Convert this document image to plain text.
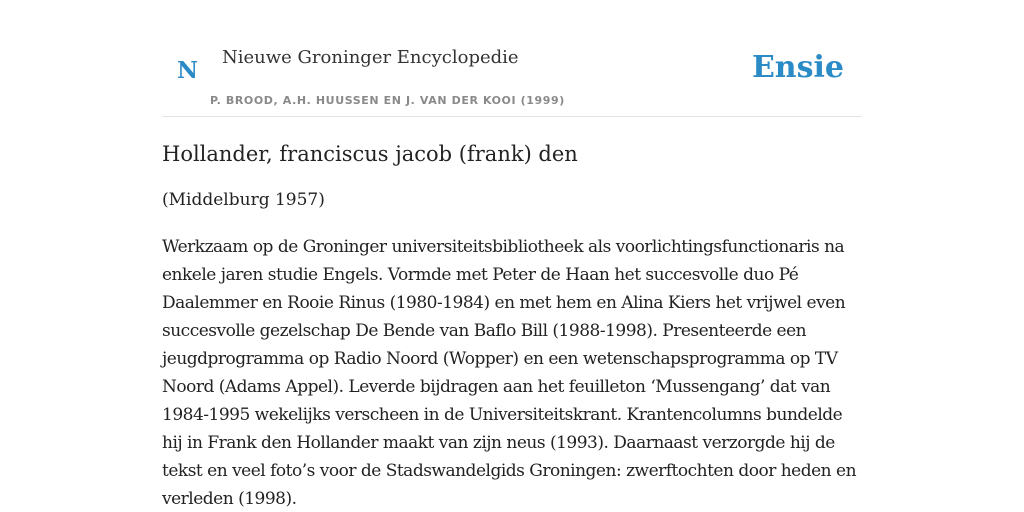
N Nieuwe Groninger Encyclopedie
P. BROOD, A.H. HUUSSEN EN J. VAN DER KOOI (1999)
Ensie
Hollander, franciscus jacob (frank) den

(Middelburg 1957)

Werkzaam op de Groninger universiteitsbibliotheek als voorlichtingsfunctionaris na enkele jaren studie Engels. Vormde met Peter de Haan het succesvolle duo Pé Daalemmer en Rooie Rinus (1980-1984) en met hem en Alina Kiers het vrijwel even succesvolle gezelschap De Bende van Baflo Bill (1988-1998). Presenteerde een jeugdprogramma op Radio Noord (Wopper) en een wetenschapsprogramma op TV Noord (Adams Appel). Leverde bijdragen aan het feuilleton ‘Mussengang’ dat van 1984-1995 wekelijks verscheen in de Universiteitskrant. Krantencolumns bundelde hij in Frank den Hollander maakt van zijn neus (1993). Daarnaast verzorgde hij de tekst en veel foto’s voor de Stadswandelgids Groningen: zwerftochten door heden en verleden (1998).
